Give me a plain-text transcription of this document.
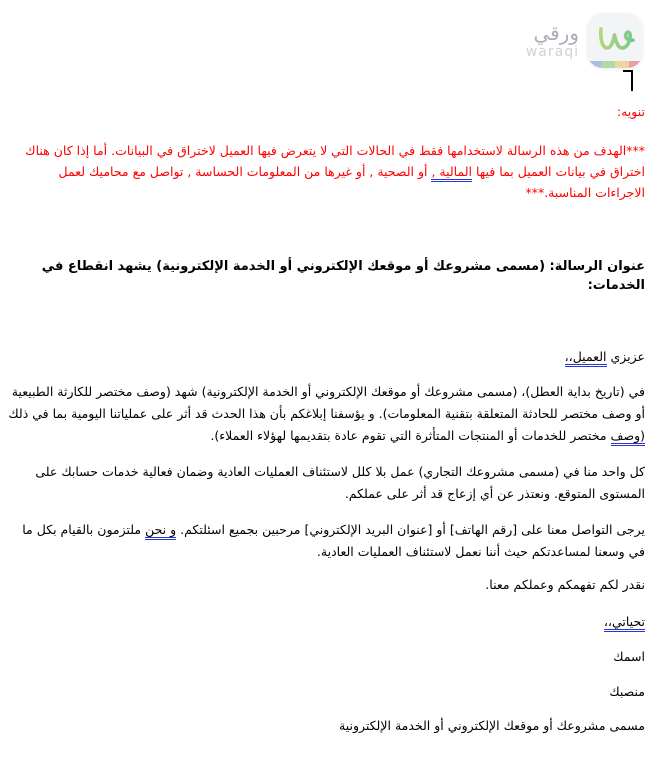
ورقي
waraqi
تنويه:
***الهدف من هذه الرسالة لاستخدامها فقط في الحالات التي لا يتعرض فيها العميل لاختراق في البيانات. أما إذا كان هناك اختراق في بيانات العميل بما فيها المالية , أو الصحية , أو غيرها من المعلومات الحساسة , تواصل مع محاميك لعمل الاجراءات المناسبة.***
عنوان الرسالة: (مسمى مشروعك أو موقعك الإلكتروني أو الخدمة الإلكترونية) يشهد انقطاع في الخدمات:
عزيزي العميل،،
في (تاريخ بداية العطل)، (مسمى مشروعك أو موقعك الإلكتروني أو الخدمة الإلكترونية) شهد (وصف مختصر للكارثة الطبيعية أو وصف مختصر للحادثة المتعلقة بتقنية المعلومات). و يؤسفنا إبلاغكم بأن هذا الحدث قد أثر على عملياتنا اليومية بما في ذلك (وصف مختصر للخدمات أو المنتجات المتأثرة التي تقوم عادة بتقديمها لهؤلاء العملاء).
كل واحد منا في (مسمى مشروعك التجاري) عمل بلا كلل لاستئناف العمليات العادية وضمان فعالية خدمات حسابك على المستوى المتوقع. ونعتذر عن أي إزعاج قد أثر على عملكم.
يرجى التواصل معنا على [رقم الهاتف] أو [عنوان البريد الإلكتروني] مرحبين بجميع اسئلتكم. و نحن ملتزمون بالقيام بكل ما في وسعنا لمساعدتكم حيث أننا نعمل لاستئناف العمليات العادية.
نقدر لكم تفهمكم وعملكم معنا.
تحياتي،،
اسمك
منصبك
مسمى مشروعك أو موقعك الإلكتروني أو الخدمة الإلكترونية
